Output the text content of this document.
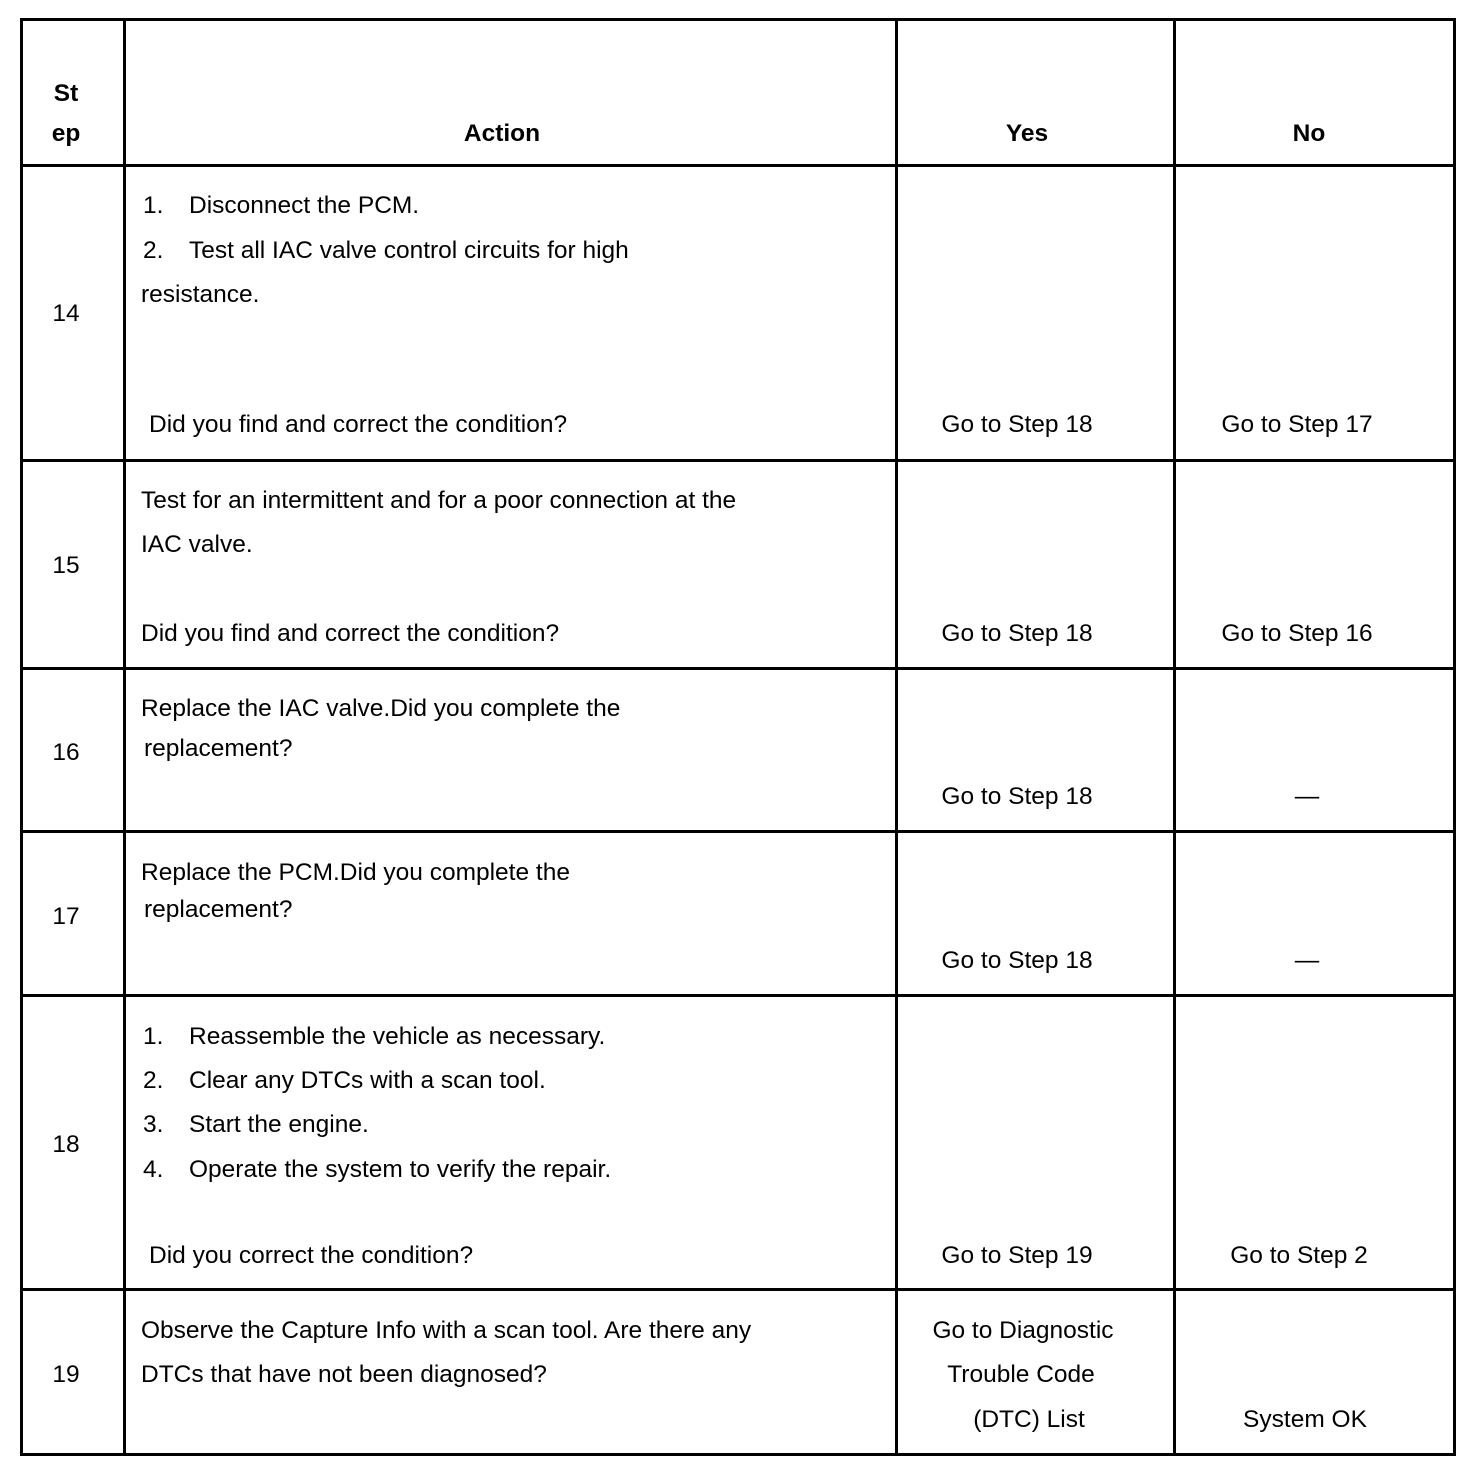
St
ep	Action	Yes	No
14
1. Disconnect the PCM.
2. Test all IAC valve control circuits for high
resistance.
Did you find and correct the condition?	Go to Step 18	Go to Step 17
15
Test for an intermittent and for a poor connection at the
IAC valve.
Did you find and correct the condition?	Go to Step 18	Go to Step 16
16
Replace the IAC valve.Did you complete the
replacement?
Go to Step 18	—
17
Replace the PCM.Did you complete the
replacement?
Go to Step 18	—
18
1. Reassemble the vehicle as necessary.
2. Clear any DTCs with a scan tool.
3. Start the engine.
4. Operate the system to verify the repair.
Did you correct the condition?	Go to Step 19	Go to Step 2
19
Observe the Capture Info with a scan tool. Are there any
DTCs that have not been diagnosed?
Go to Diagnostic
Trouble Code
(DTC) List	System OK
